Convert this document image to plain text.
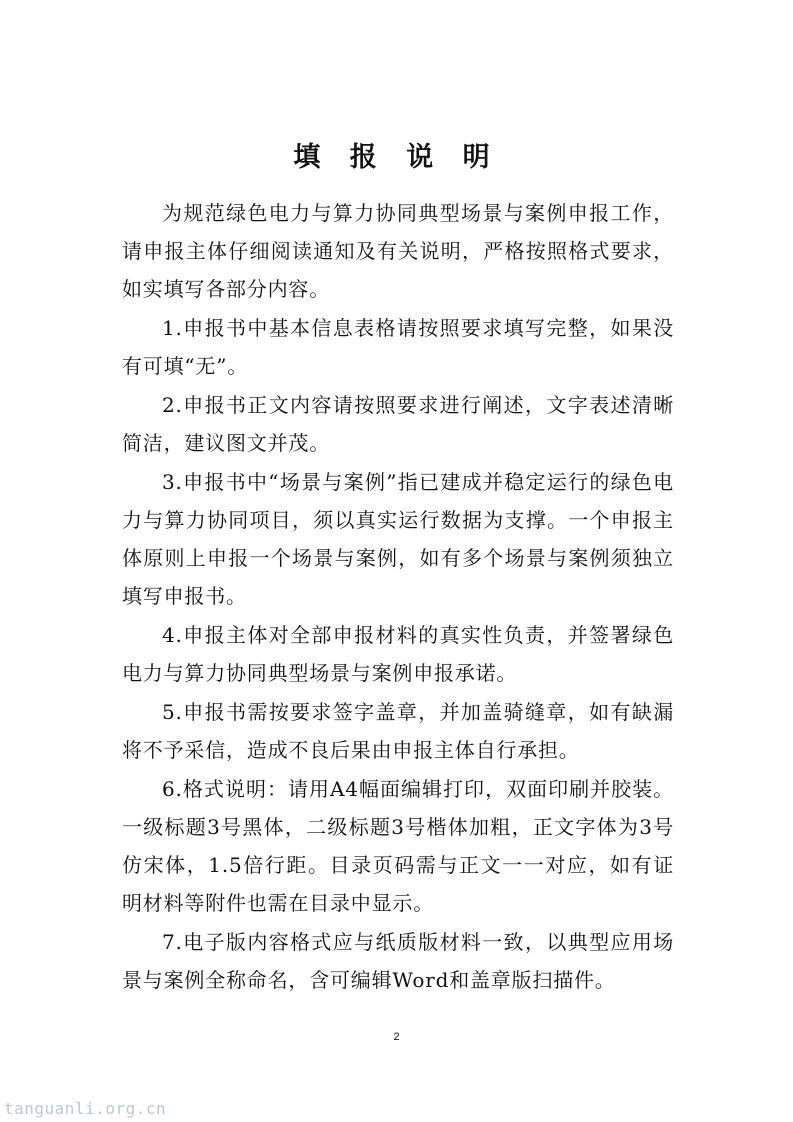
填 报 说 明

为规范绿色电力与算力协同典型场景与案例申报工作，请申报主体仔细阅读通知及有关说明，严格按照格式要求，如实填写各部分内容。

1.申报书中基本信息表格请按照要求填写完整，如果没有可填“无”。

2.申报书正文内容请按照要求进行阐述，文字表述清晰简洁，建议图文并茂。

3.申报书中“场景与案例”指已建成并稳定运行的绿色电力与算力协同项目，须以真实运行数据为支撑。一个申报主体原则上申报一个场景与案例，如有多个场景与案例须独立填写申报书。

4.申报主体对全部申报材料的真实性负责，并签署绿色电力与算力协同典型场景与案例申报承诺。

5.申报书需按要求签字盖章，并加盖骑缝章，如有缺漏将不予采信，造成不良后果由申报主体自行承担。

6.格式说明：请用A4幅面编辑打印，双面印刷并胶装。一级标题3号黑体，二级标题3号楷体加粗，正文字体为3号仿宋体，1.5倍行距。目录页码需与正文一一对应，如有证明材料等附件也需在目录中显示。

7.电子版内容格式应与纸质版材料一致，以典型应用场景与案例全称命名，含可编辑Word和盖章版扫描件。

2
tanguanli.org.cn
